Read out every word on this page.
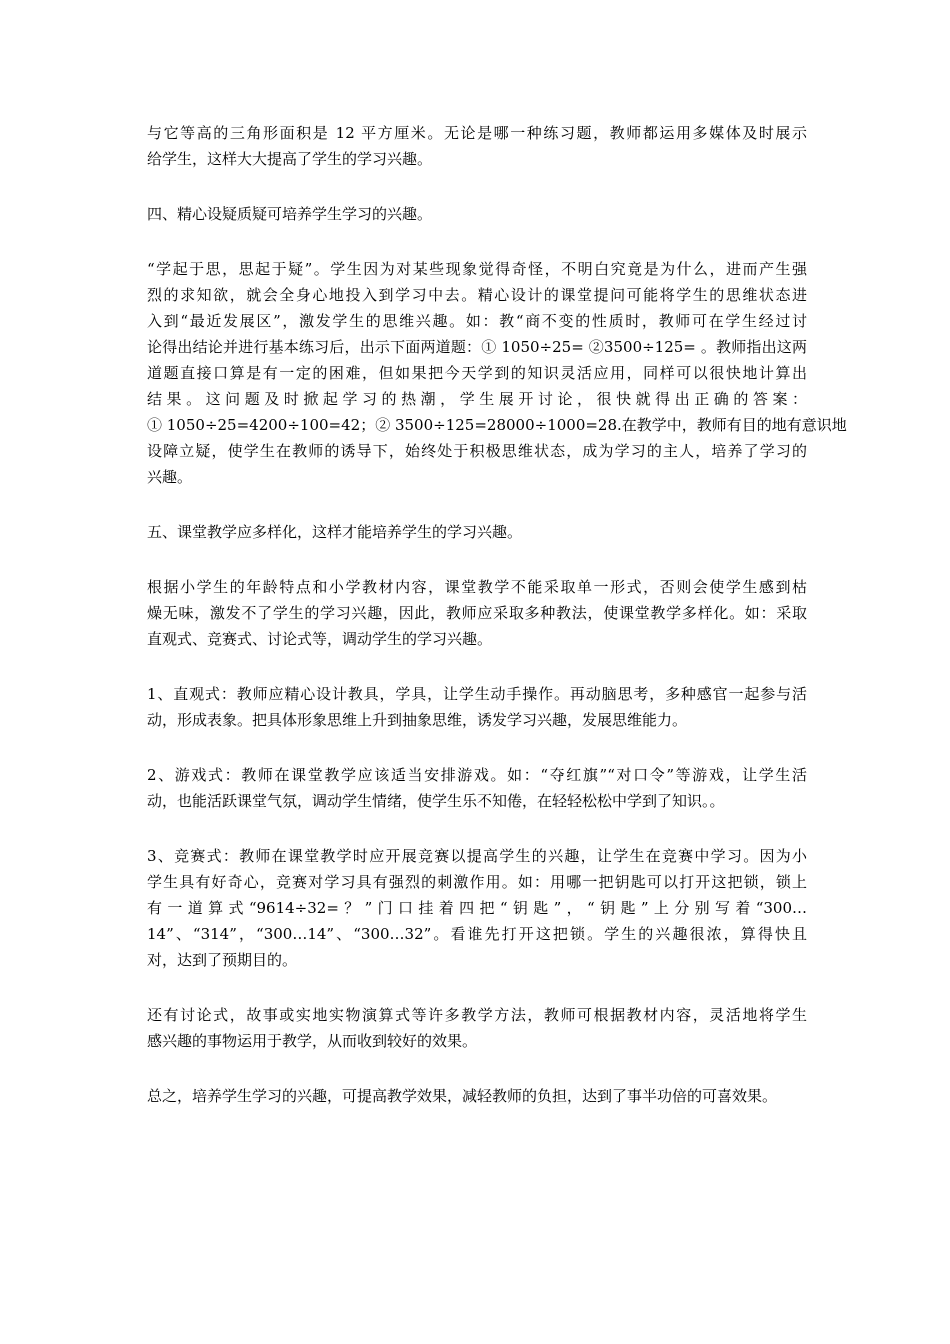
与它等高的三角形面积是 12 平方厘米。无论是哪一种练习题，教师都运用多媒体及时展示
给学生，这样大大提高了学生的学习兴趣。

四、精心设疑质疑可培养学生学习的兴趣。

“学起于思，思起于疑”。学生因为对某些现象觉得奇怪，不明白究竟是为什么，进而产生强
烈的求知欲，就会全身心地投入到学习中去。精心设计的课堂提问可能将学生的思维状态进
入到“最近发展区”，激发学生的思维兴趣。如：教“商不变的性质时，教师可在学生经过讨
论得出结论并进行基本练习后，出示下面两道题：① 1050÷25= ②3500÷125= 。教师指出这两
道题直接口算是有一定的困难，但如果把今天学到的知识灵活应用，同样可以很快地计算出
结果。这问题及时掀起学习的热潮，学生展开讨论，很快就得出正确的答案：
① 1050÷25=4200÷100=42；② 3500÷125=28000÷1000=28.在教学中，教师有目的地有意识地
设障立疑，使学生在教师的诱导下，始终处于积极思维状态，成为学习的主人，培养了学习的
兴趣。

五、课堂教学应多样化，这样才能培养学生的学习兴趣。

根据小学生的年龄特点和小学教材内容，课堂教学不能采取单一形式，否则会使学生感到枯
燥无味，激发不了学生的学习兴趣，因此，教师应采取多种教法，使课堂教学多样化。如：采取
直观式、竞赛式、讨论式等，调动学生的学习兴趣。

1、直观式：教师应精心设计教具，学具，让学生动手操作。再动脑思考，多种感官一起参与活
动，形成表象。把具体形象思维上升到抽象思维，诱发学习兴趣，发展思维能力。

2、游戏式：教师在课堂教学应该适当安排游戏。如：“夺红旗”“对口令”等游戏，让学生活
动，也能活跃课堂气氛，调动学生情绪，使学生乐不知倦，在轻轻松松中学到了知识。。

3、竞赛式：教师在课堂教学时应开展竞赛以提高学生的兴趣，让学生在竞赛中学习。因为小
学生具有好奇心，竞赛对学习具有强烈的刺激作用。如：用哪一把钥匙可以打开这把锁，锁上
有一道算式“9614÷32=？”门口挂着四把“钥匙”，“钥匙”上分别写着“300…
14”、“314”，“300…14”、“300…32”。看谁先打开这把锁。学生的兴趣很浓，算得快且
对，达到了预期目的。

还有讨论式，故事或实地实物演算式等许多教学方法，教师可根据教材内容，灵活地将学生
感兴趣的事物运用于教学，从而收到较好的效果。

总之，培养学生学习的兴趣，可提高教学效果，减轻教师的负担，达到了事半功倍的可喜效果。
